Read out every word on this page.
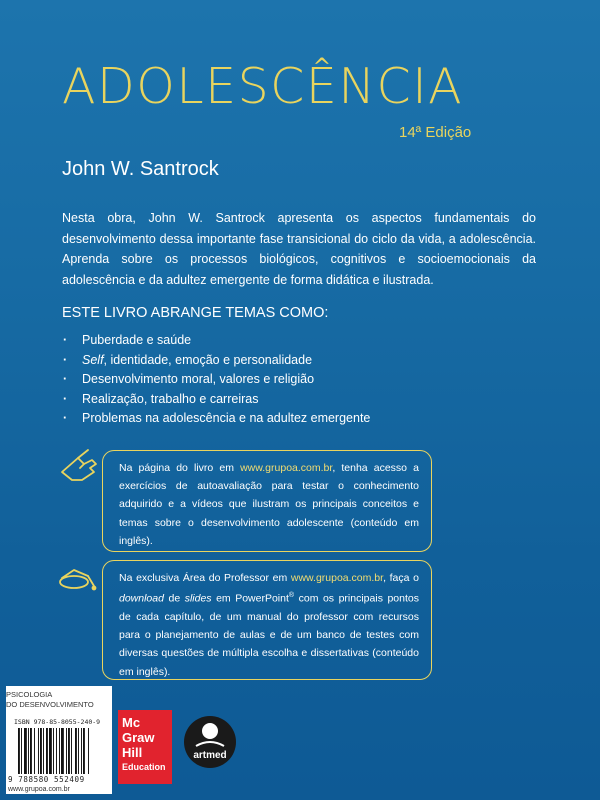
ADOLESCÊNCIA
14ª Edição
John W. Santrock

Nesta obra, John W. Santrock apresenta os aspectos fundamentais do desenvolvimento dessa importante fase transicional do ciclo da vida, a adolescência. Aprenda sobre os processos biológicos, cognitivos e socioemocionais da adolescência e da adultez emergente de forma didática e ilustrada.

ESTE LIVRO ABRANGE TEMAS COMO:
· Puberdade e saúde
· Self, identidade, emoção e personalidade
· Desenvolvimento moral, valores e religião
· Realização, trabalho e carreiras
· Problemas na adolescência e na adultez emergente

Na página do livro em www.grupoa.com.br, tenha acesso a exercícios de autoavaliação para testar o conhecimento adquirido e a vídeos que ilustram os principais conceitos e temas sobre o desenvolvimento adolescente (conteúdo em inglês).

Na exclusiva Área do Professor em www.grupoa.com.br, faça o download de slides em PowerPoint® com os principais pontos de cada capítulo, de um manual do professor com recursos para o planejamento de aulas e de um banco de testes com diversas questões de múltipla escolha e dissertativas (conteúdo em inglês).

PSICOLOGIA
DO DESENVOLVIMENTO
ISBN 978-85-8055-240-9
9 788580 552409
www.grupoa.com.br
Mc
Graw
Hill
Education
artmed
